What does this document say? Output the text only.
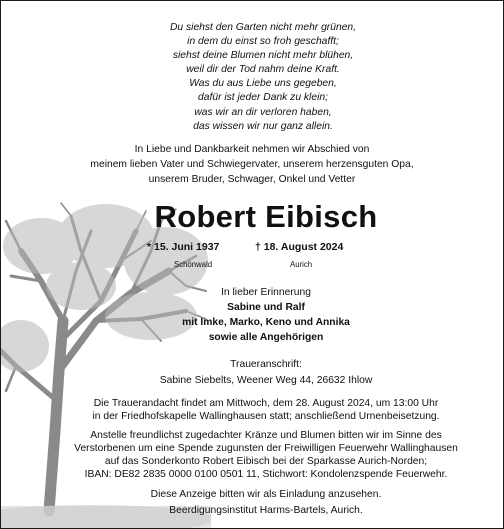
Du siehst den Garten nicht mehr grünen,
in dem du einst so froh geschafft;
siehst deine Blumen nicht mehr blühen,
weil dir der Tod nahm deine Kraft.
Was du aus Liebe uns gegeben,
dafür ist jeder Dank zu klein;
was wir an dir verloren haben,
das wissen wir nur ganz allein.
In Liebe und Dankbarkeit nehmen wir Abschied von
meinem lieben Vater und Schwiegervater, unserem herzensguten Opa,
unserem Bruder, Schwager, Onkel und Vetter
Robert Eibisch
* 15. Juni 1937	† 18. August 2024
Schönwald	Aurich
In lieber Erinnerung
Sabine und Ralf
mit Imke, Marko, Keno und Annika
sowie alle Angehörigen
Traueranschrift:
Sabine Siebelts, Weener Weg 44, 26632 Ihlow

Die Trauerandacht findet am Mittwoch, dem 28. August 2024, um 13:00 Uhr
in der Friedhofskapelle Wallinghausen statt; anschließend Urnenbeisetzung.

Anstelle freundlichst zugedachter Kränze und Blumen bitten wir im Sinne des
Verstorbenen um eine Spende zugunsten der Freiwilligen Feuerwehr Wallinghausen
auf das Sonderkonto Robert Eibisch bei der Sparkasse Aurich-Norden;
IBAN: DE82 2835 0000 0100 0501 11, Stichwort: Kondolenzspende Feuerwehr.

Diese Anzeige bitten wir als Einladung anzusehen.
Beerdigungsinstitut Harms-Bartels, Aurich.
